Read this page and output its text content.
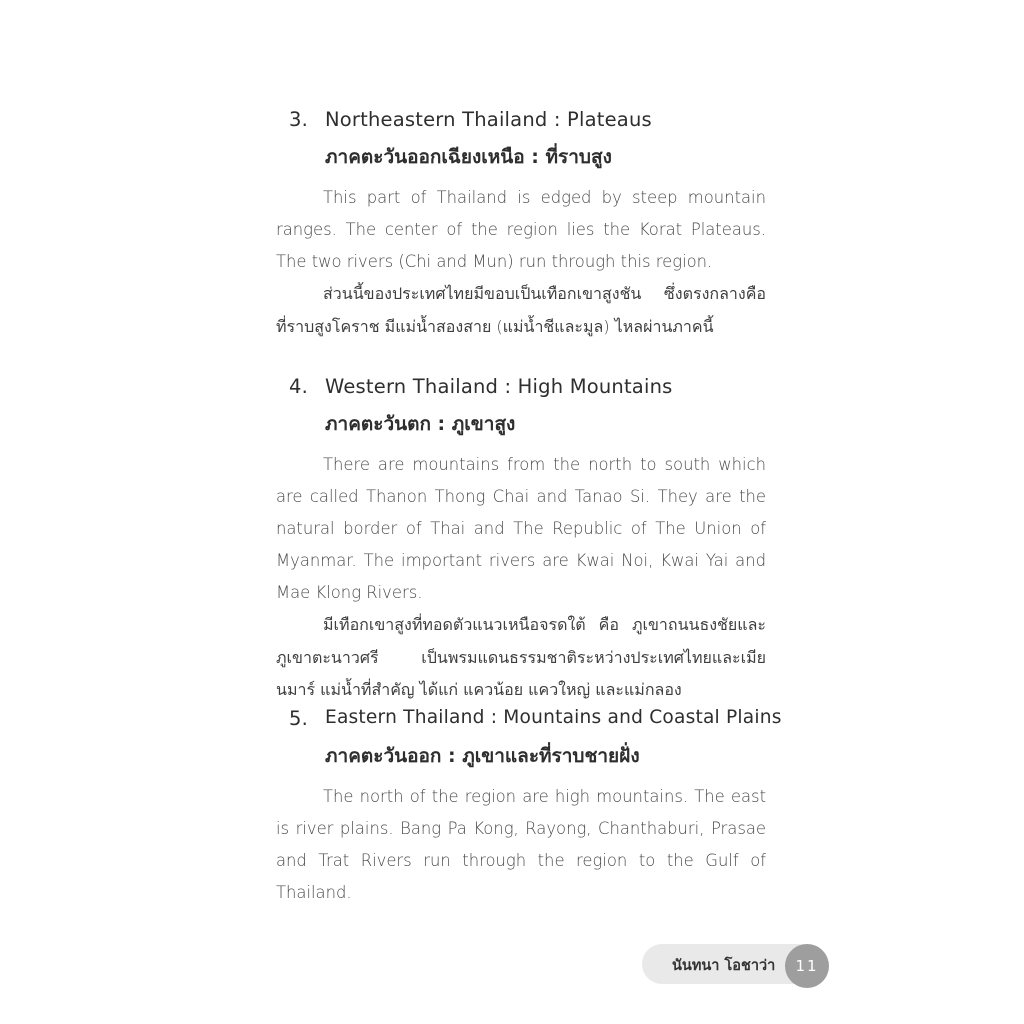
3. Northeastern Thailand : Plateaus
ภาคตะวันออกเฉียงเหนือ : ที่ราบสูง

This part of Thailand is edged by steep mountain ranges. The center of the region lies the Korat Plateaus. The two rivers (Chi and Mun) run through this region.

ส่วนนี้ของประเทศไทยมีขอบเป็นเทือกเขาสูงชัน ซึ่งตรงกลางคือที่ราบสูงโคราช มีแม่น้ำสองสาย (แม่น้ำชีและมูล) ไหลผ่านภาคนี้

4. Western Thailand : High Mountains
ภาคตะวันตก : ภูเขาสูง

There are mountains from the north to south which are called Thanon Thong Chai and Tanao Si. They are the natural border of Thai and The Republic of The Union of Myanmar. The important rivers are Kwai Noi, Kwai Yai and Mae Klong Rivers.

มีเทือกเขาสูงที่ทอดตัวแนวเหนือจรดใต้ คือ ภูเขาถนนธงชัยและภูเขาตะนาวศรี เป็นพรมแดนธรรมชาติระหว่างประเทศไทยและเมียนมาร์ แม่น้ำที่สำคัญ ได้แก่ แควน้อย แควใหญ่ และแม่กลอง

5. Eastern Thailand : Mountains and Coastal Plains
ภาคตะวันออก : ภูเขาและที่ราบชายฝั่ง

The north of the region are high mountains. The east is river plains. Bang Pa Kong, Rayong, Chanthaburi, Prasae and Trat Rivers run through the region to the Gulf of Thailand.

นันทนา โอชาว่า	11
